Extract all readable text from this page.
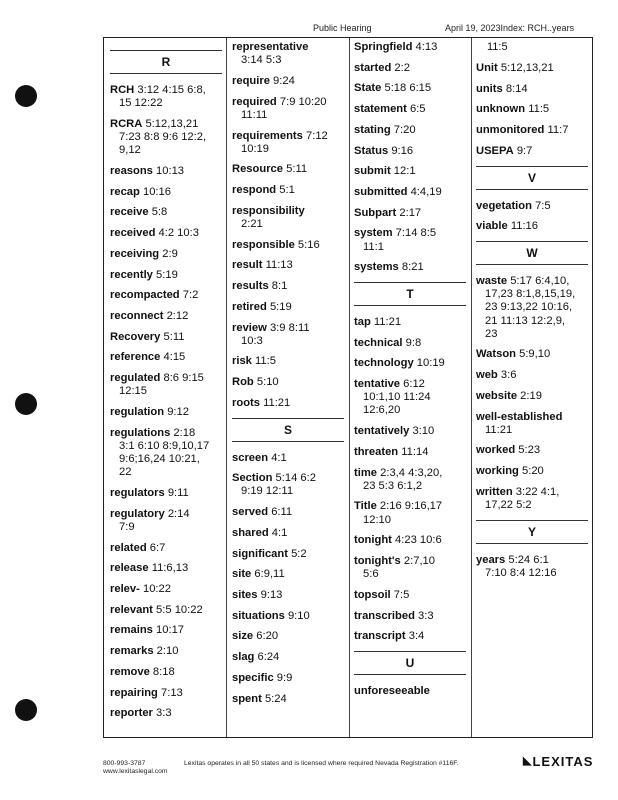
Public Hearing	April 19, 2023Index: RCH..years
R
RCH 3:12 4:15 6:8,
15 12:22
RCRA 5:12,13,21
7:23 8:8 9:6 12:2,
9,12
reasons 10:13
recap 10:16
receive 5:8
received 4:2 10:3
receiving 2:9
recently 5:19
recompacted 7:2
reconnect 2:12
Recovery 5:11
reference 4:15
regulated 8:6 9:15
12:15
regulation 9:12
regulations 2:18
3:1 6:10 8:9,10,17
9:6;16,24 10:21,
22
regulators 9:11
regulatory 2:14
7:9
related 6:7
release 11:6,13
relev- 10:22
relevant 5:5 10:22
remains 10:17
remarks 2:10
remove 8:18
repairing 7:13
reporter 3:3
representative
3:14 5:3
require 9:24
required 7:9 10:20
11:11
requirements 7:12
10:19
Resource 5:11
respond 5:1
responsibility
2:21
responsible 5:16
result 11:13
results 8:1
retired 5:19
review 3:9 8:11
10:3
risk 11:5
Rob 5:10
roots 11:21
S
screen 4:1
Section 5:14 6:2
9:19 12:11
served 6:11
shared 4:1
significant 5:2
site 6:9,11
sites 9:13
situations 9:10
size 6:20
slag 6:24
specific 9:9
spent 5:24
Springfield 4:13
started 2:2
State 5:18 6:15
statement 6:5
stating 7:20
Status 9:16
submit 12:1
submitted 4:4,19
Subpart 2:17
system 7:14 8:5
11:1
systems 8:21
T
tap 11:21
technical 9:8
technology 10:19
tentative 6:12
10:1,10 11:24
12:6,20
tentatively 3:10
threaten 11:14
time 2:3,4 4:3,20,
23 5:3 6:1,2
Title 2:16 9:16,17
12:10
tonight 4:23 10:6
tonight's 2:7,10
5:6
topsoil 7:5
transcribed 3:3
transcript 3:4
U
unforeseeable
11:5
Unit 5:12,13,21
units 8:14
unknown 11:5
unmonitored 11:7
USEPA 9:7
V
vegetation 7:5
viable 11:16
W
waste 5:17 6:4,10,
17,23 8:1,8,15,19,
23 9:13,22 10:16,
21 11:13 12:2,9,
23
Watson 5:9,10
web 3:6
website 2:19
well-established
11:21
worked 5:23
working 5:20
written 3:22 4:1,
17,22 5:2
Y
years 5:24 6:1
7:10 8:4 12:16
800-993-3787
www.lexitaslegal.com
Lexitas operates in all 50 states and is licensed where required Nevada Registration #116F.	◣LEXITAS
